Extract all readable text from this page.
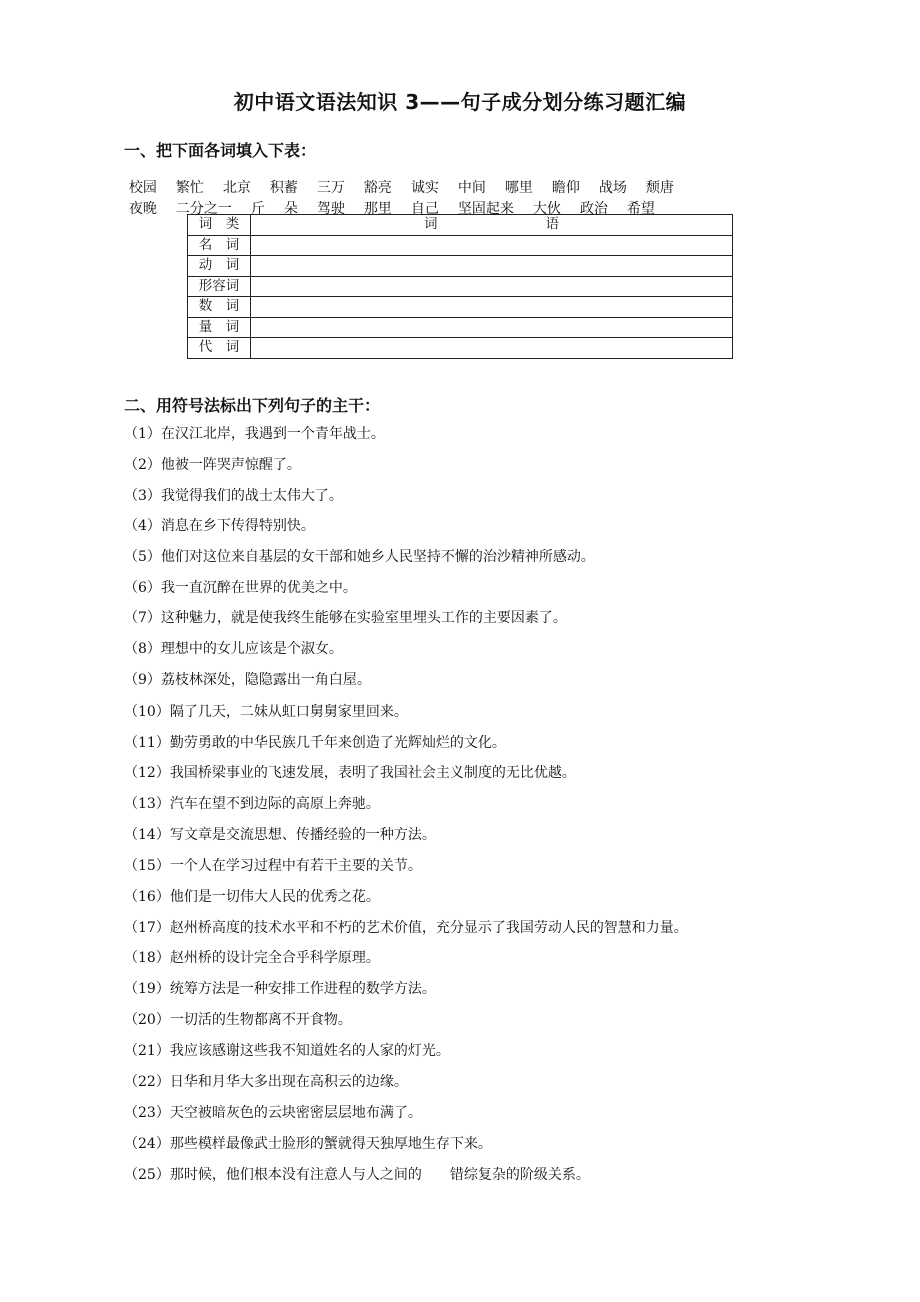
初中语文语法知识 3——句子成分划分练习题汇编
一、把下面各词填入下表：

校园 繁忙 北京 积蓄 三万 豁亮 诚实 中间 哪里 瞻仰 战场 颓唐

夜晚 二分之一 斤 朵 驾驶 那里 自己 坚固起来 大伙 政治 希望

词　类	词 语
名　词	
动　词	
形容词	
数　词	
量　词	
代　词	
二、用符号法标出下列句子的主干：
（1）在汉江北岸，我遇到一个青年战士。
（2）他被一阵哭声惊醒了。
（3）我觉得我们的战士太伟大了。
（4）消息在乡下传得特别快。
（5）他们对这位来自基层的女干部和她乡人民坚持不懈的治沙精神所感动。
（6）我一直沉醉在世界的优美之中。
（7）这种魅力，就是使我终生能够在实验室里埋头工作的主要因素了。
（8）理想中的女儿应该是个淑女。
（9）荔枝林深处，隐隐露出一角白屋。
（10）隔了几天，二妹从虹口舅舅家里回来。
（11）勤劳勇敢的中华民族几千年来创造了光辉灿烂的文化。
（12）我国桥梁事业的飞速发展，表明了我国社会主义制度的无比优越。
（13）汽车在望不到边际的高原上奔驰。
（14）写文章是交流思想、传播经验的一种方法。
（15）一个人在学习过程中有若干主要的关节。
（16）他们是一切伟大人民的优秀之花。
（17）赵州桥高度的技术水平和不朽的艺术价值，充分显示了我国劳动人民的智慧和力量。
（18）赵州桥的设计完全合乎科学原理。
（19）统筹方法是一种安排工作进程的数学方法。
（20）一切活的生物都离不开食物。
（21）我应该感谢这些我不知道姓名的人家的灯光。
（22）日华和月华大多出现在高积云的边缘。
（23）天空被暗灰色的云块密密层层地布满了。
（24）那些模样最像武士脸形的蟹就得天独厚地生存下来。
（25）那时候，他们根本没有注意人与人之间的　　错综复杂的阶级关系。
